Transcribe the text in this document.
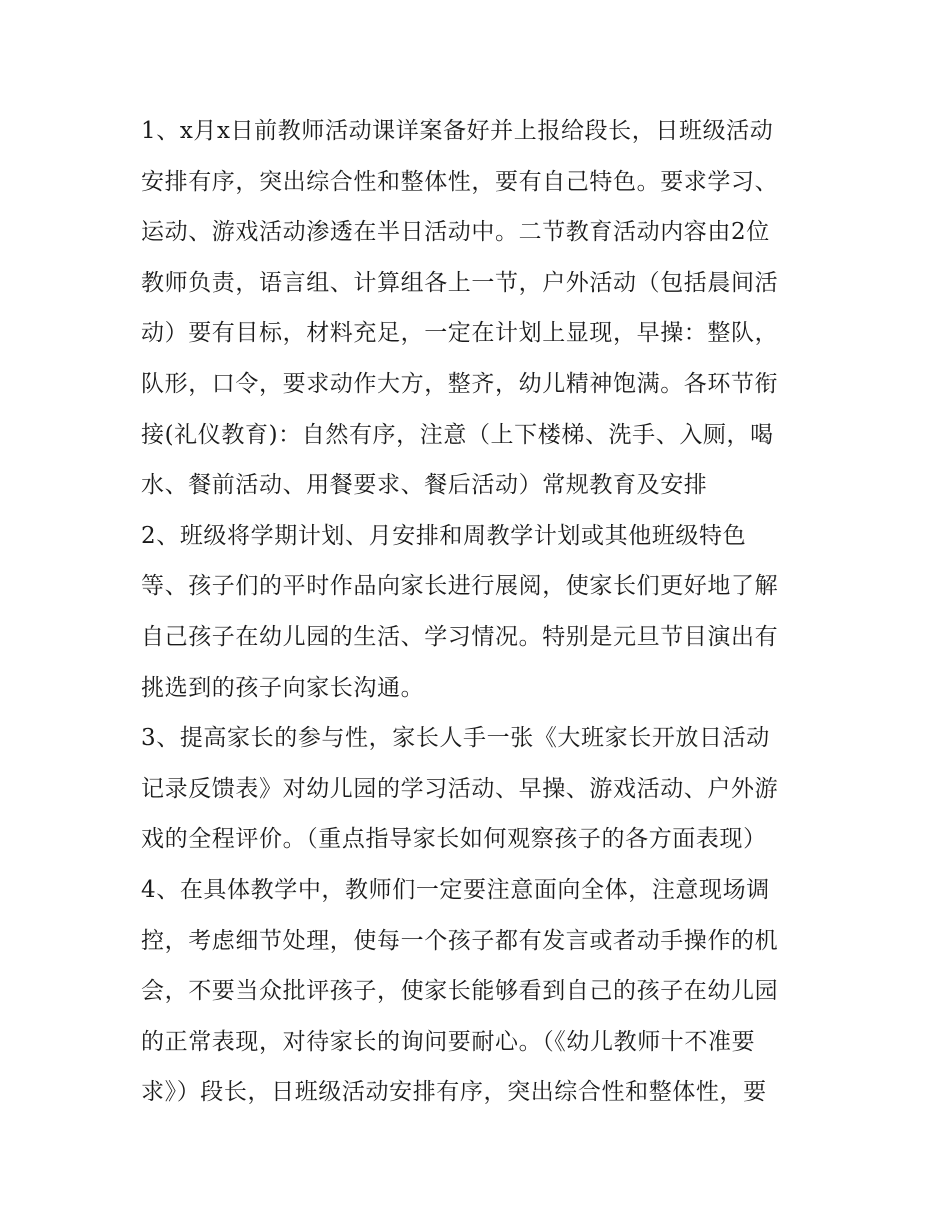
1、x月x日前教师活动课详案备好并上报给段长，日班级活动
安排有序，突出综合性和整体性，要有自己特色。要求学习、
运动、游戏活动渗透在半日活动中。二节教育活动内容由2位
教师负责，语言组、计算组各上一节，户外活动（包括晨间活
动）要有目标，材料充足，一定在计划上显现，早操：整队，
队形，口令，要求动作大方，整齐，幼儿精神饱满。各环节衔
接(礼仪教育)：自然有序，注意（上下楼梯、洗手、入厕，喝
水、餐前活动、用餐要求、餐后活动）常规教育及安排
2、班级将学期计划、月安排和周教学计划或其他班级特色
等、孩子们的平时作品向家长进行展阅，使家长们更好地了解
自己孩子在幼儿园的生活、学习情况。特别是元旦节目演出有
挑选到的孩子向家长沟通。
3、提高家长的参与性，家长人手一张《大班家长开放日活动
记录反馈表》对幼儿园的学习活动、早操、游戏活动、户外游
戏的全程评价。（重点指导家长如何观察孩子的各方面表现）
4、在具体教学中，教师们一定要注意面向全体，注意现场调
控，考虑细节处理，使每一个孩子都有发言或者动手操作的机
会，不要当众批评孩子，使家长能够看到自己的孩子在幼儿园
的正常表现，对待家长的询问要耐心。（《幼儿教师十不准要
求》）段长，日班级活动安排有序，突出综合性和整体性，要
